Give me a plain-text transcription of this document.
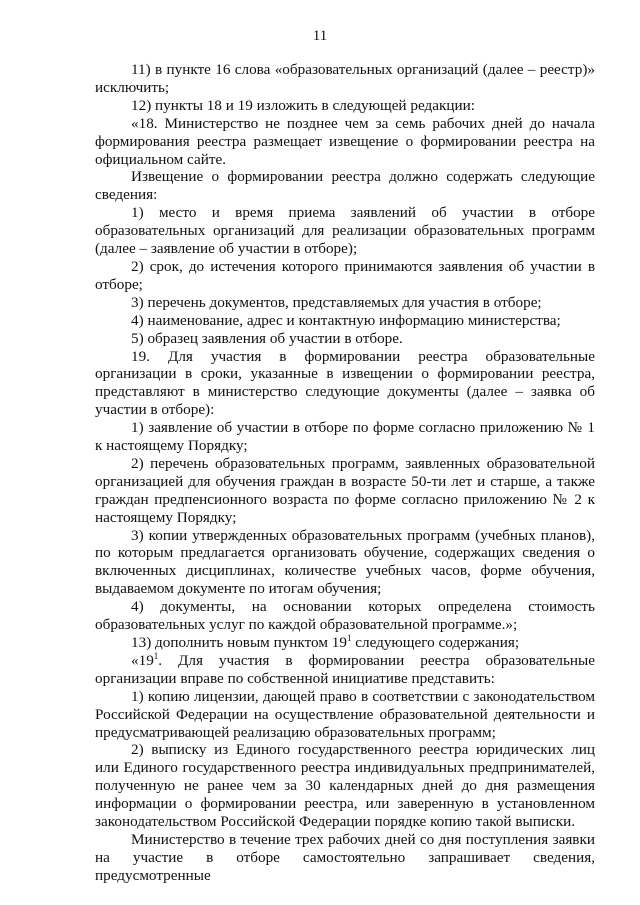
11

11) в пункте 16 слова «образовательных организаций (далее – реестр)» исключить;

12) пункты 18 и 19 изложить в следующей редакции:

«18. Министерство не позднее чем за семь рабочих дней до начала формирования реестра размещает извещение о формировании реестра на официальном сайте.

Извещение о формировании реестра должно содержать следующие сведения:

1) место и время приема заявлений об участии в отборе образовательных организаций для реализации образовательных программ (далее – заявление об участии в отборе);

2) срок, до истечения которого принимаются заявления об участии в отборе;

3) перечень документов, представляемых для участия в отборе;

4) наименование, адрес и контактную информацию министерства;

5) образец заявления об участии в отборе.

19. Для участия в формировании реестра образовательные организации в сроки, указанные в извещении о формировании реестра, представляют в министерство следующие документы (далее – заявка об участии в отборе):

1) заявление об участии в отборе по форме согласно приложению № 1 к настоящему Порядку;

2) перечень образовательных программ, заявленных образовательной организацией для обучения граждан в возрасте 50-ти лет и старше, а также граждан предпенсионного возраста по форме согласно приложению № 2 к настоящему Порядку;

3) копии утвержденных образовательных программ (учебных планов), по которым предлагается организовать обучение, содержащих сведения о включенных дисциплинах, количестве учебных часов, форме обучения, выдаваемом документе по итогам обучения;

4) документы, на основании которых определена стоимость образовательных услуг по каждой образовательной программе.»;

13) дополнить новым пунктом $19^1$ следующего содержания;

«$19^1$. Для участия в формировании реестра образовательные организации вправе по собственной инициативе представить:

1) копию лицензии, дающей право в соответствии с законодательством Российской Федерации на осуществление образовательной деятельности и предусматривающей реализацию образовательных программ;

2) выписку из Единого государственного реестра юридических лиц или Единого государственного реестра индивидуальных предпринимателей, полученную не ранее чем за 30 календарных дней до дня размещения информации о формировании реестра, или заверенную в установленном законодательством Российской Федерации порядке копию такой выписки.

Министерство в течение трех рабочих дней со дня поступления заявки на участие в отборе самостоятельно запрашивает сведения, предусмотренные
